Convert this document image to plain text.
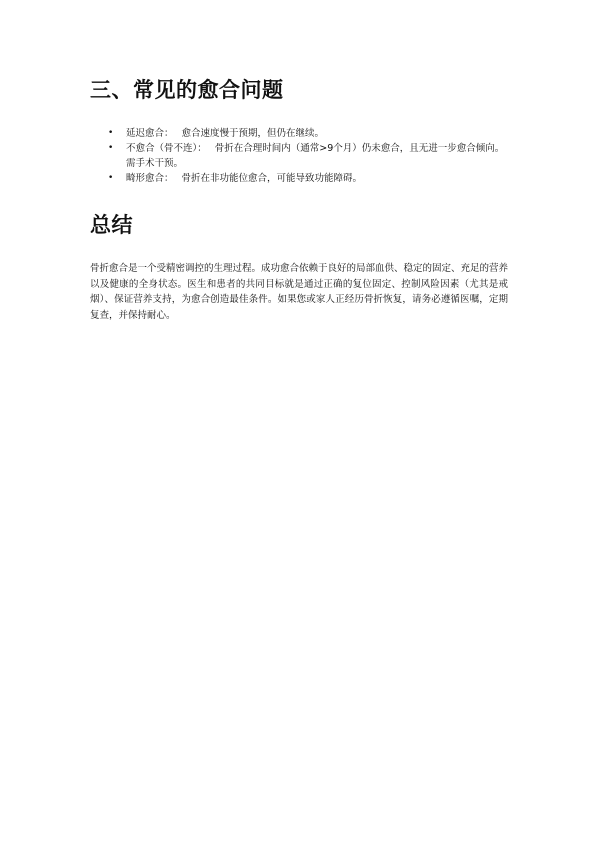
三、常见的愈合问题
• 延迟愈合： 愈合速度慢于预期，但仍在继续。
• 不愈合（骨不连）： 骨折在合理时间内（通常>9个月）仍未愈合，且无进一步愈合倾向。需手术干预。
• 畸形愈合： 骨折在非功能位愈合，可能导致功能障碍。
总结

骨折愈合是一个受精密调控的生理过程。成功愈合依赖于良好的局部血供、稳定的固定、充足的营养以及健康的全身状态。医生和患者的共同目标就是通过正确的复位固定、控制风险因素（尤其是戒烟）、保证营养支持，为愈合创造最佳条件。如果您或家人正经历骨折恢复，请务必遵循医嘱，定期复查，并保持耐心。
